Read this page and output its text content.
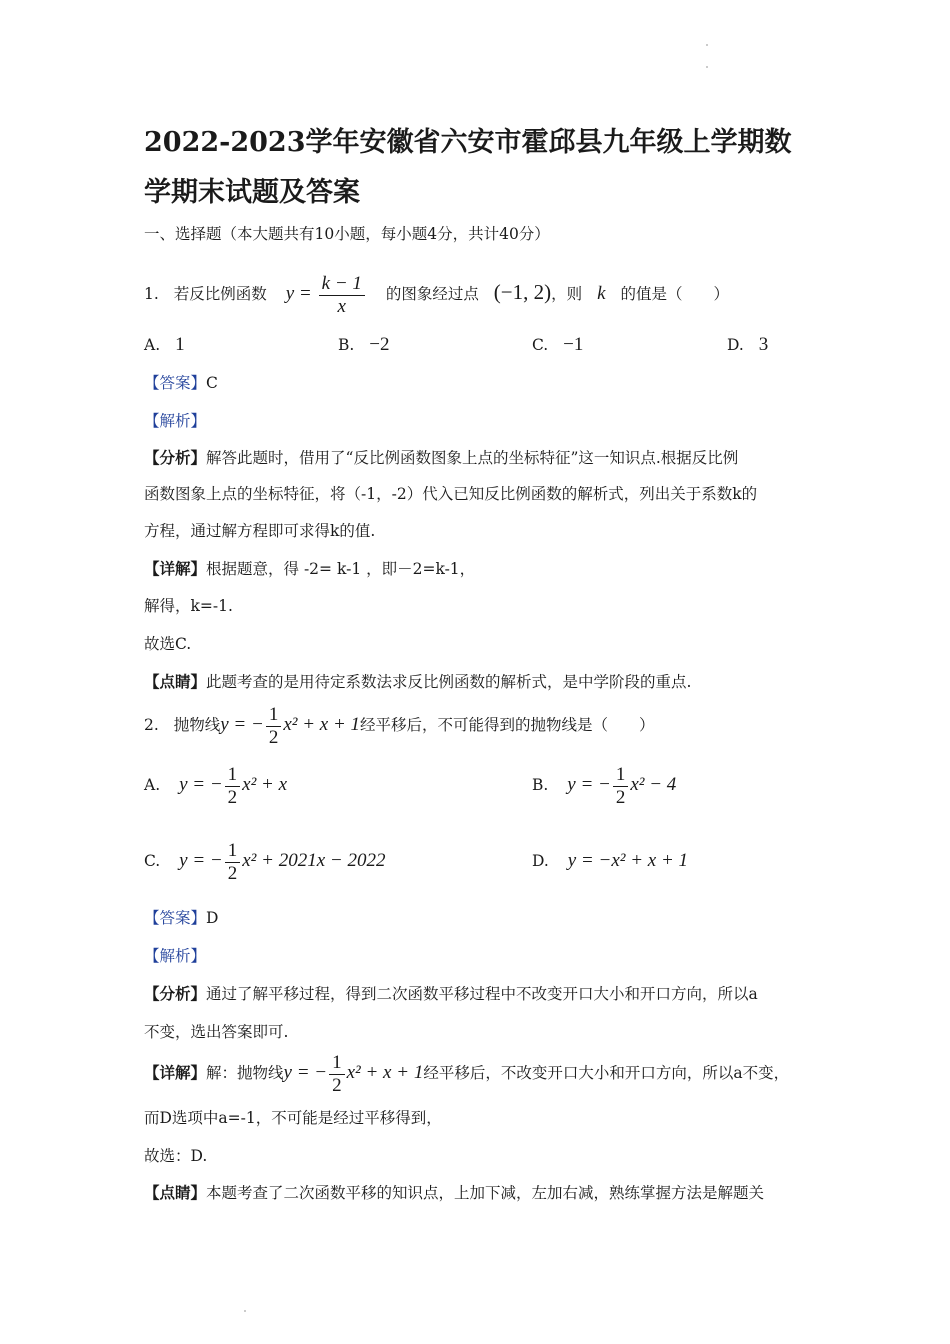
2022-2023学年安徽省六安市霍邱县九年级上学期数学期末试题及答案
一、选择题（本大题共有10小题，每小题4分，共计40分）
1. 若反比例函数 $y = \frac{k - 1}{x}$ 的图象经过点 (−1, 2)，则 k 的值是（　　）
A. 1	B. −2	C. −1	D. 3
【答案】C
【解析】
【分析】解答此题时，借用了“反比例函数图象上点的坐标特征”这一知识点.根据反比例
函数图象上点的坐标特征，将（-1，-2）代入已知反比例函数的解析式，列出关于系数k的
方程，通过解方程即可求得k的值.
【详解】根据题意，得 -2= k-1 ，即－2=k-1，
解得，k=-1.
故选C.
【点睛】此题考查的是用待定系数法求反比例函数的解析式，是中学阶段的重点.
2. 抛物线y = − $\frac{1}{2} x^2 + x + 1$经平移后，不可能得到的抛物线是（　　）
A. y = − $\frac{1}{2} x^2 + x$	B. y = − $\frac{1}{2} x^2 - 4$
C. y = − $\frac{1}{2} x^2 + 2021x - 2022$	D. y = −x² + x + 1
【答案】D
【解析】
【分析】通过了解平移过程，得到二次函数平移过程中不改变开口大小和开口方向，所以a
不变，选出答案即可.
【详解】解：抛物线y = − $\frac{1}{2} x^2 + x + 1$经平移后，不改变开口大小和开口方向，所以a不变，
而D选项中a=-1，不可能是经过平移得到，
故选：D.
【点睛】本题考查了二次函数平移的知识点，上加下减，左加右减，熟练掌握方法是解题关
